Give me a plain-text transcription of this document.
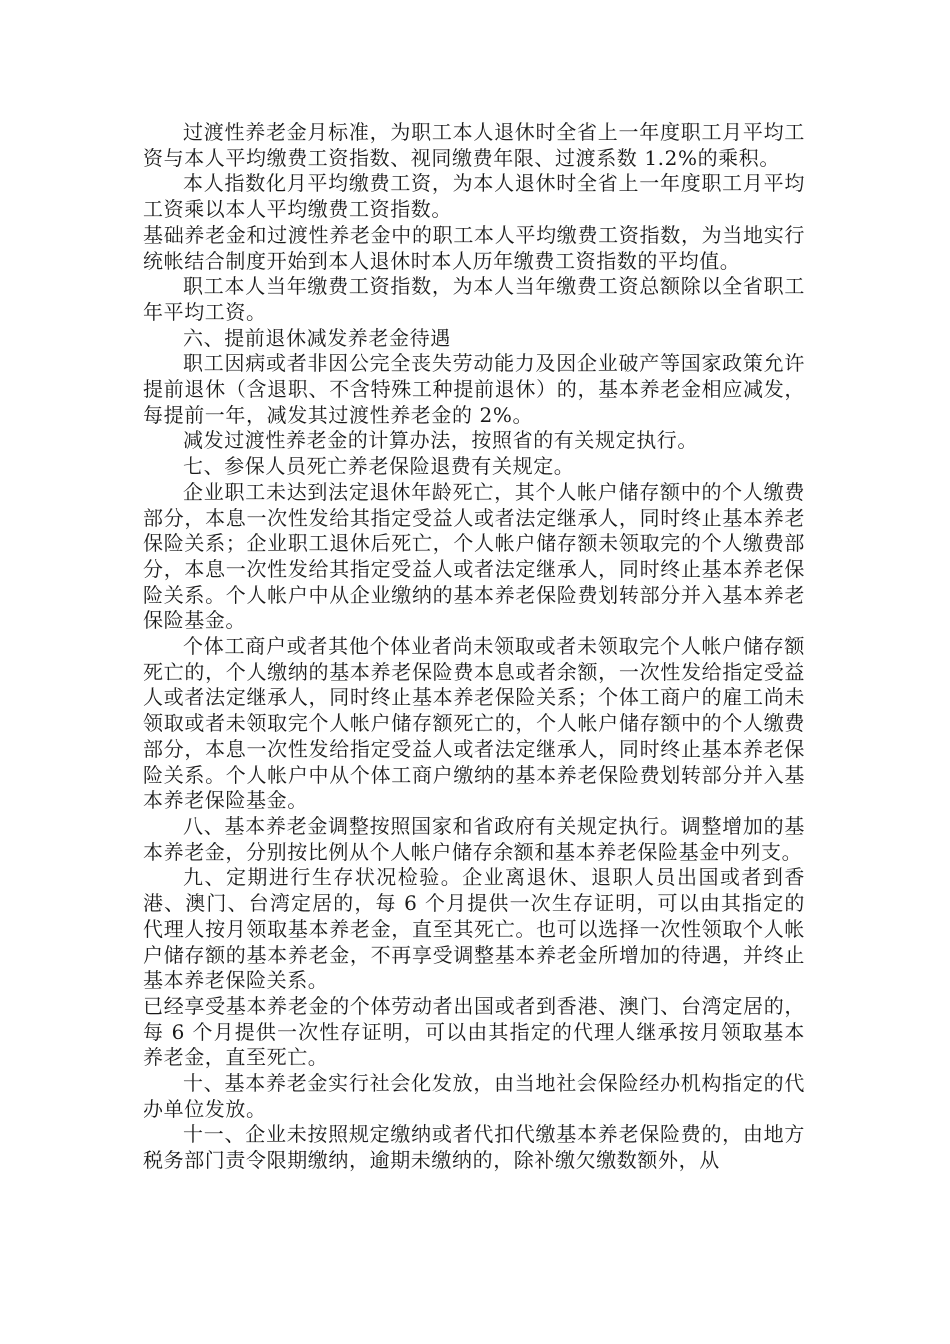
过渡性养老金月标准，为职工本人退休时全省上一年度职工月平均工资与本人平均缴费工资指数、视同缴费年限、过渡系数 1.2%的乘积。

本人指数化月平均缴费工资，为本人退休时全省上一年度职工月平均工资乘以本人平均缴费工资指数。

基础养老金和过渡性养老金中的职工本人平均缴费工资指数，为当地实行统帐结合制度开始到本人退休时本人历年缴费工资指数的平均值。

职工本人当年缴费工资指数，为本人当年缴费工资总额除以全省职工年平均工资。

六、提前退休减发养老金待遇

职工因病或者非因公完全丧失劳动能力及因企业破产等国家政策允许提前退休（含退职、不含特殊工种提前退休）的，基本养老金相应减发，每提前一年，减发其过渡性养老金的 2%。

减发过渡性养老金的计算办法，按照省的有关规定执行。

七、参保人员死亡养老保险退费有关规定。

企业职工未达到法定退休年龄死亡，其个人帐户储存额中的个人缴费部分，本息一次性发给其指定受益人或者法定继承人，同时终止基本养老保险关系；企业职工退休后死亡，个人帐户储存额未领取完的个人缴费部分，本息一次性发给其指定受益人或者法定继承人，同时终止基本养老保险关系。个人帐户中从企业缴纳的基本养老保险费划转部分并入基本养老保险基金。

个体工商户或者其他个体业者尚未领取或者未领取完个人帐户储存额死亡的，个人缴纳的基本养老保险费本息或者余额，一次性发给指定受益人或者法定继承人，同时终止基本养老保险关系；个体工商户的雇工尚未领取或者未领取完个人帐户储存额死亡的，个人帐户储存额中的个人缴费部分，本息一次性发给指定受益人或者法定继承人，同时终止基本养老保险关系。个人帐户中从个体工商户缴纳的基本养老保险费划转部分并入基本养老保险基金。

八、基本养老金调整按照国家和省政府有关规定执行。调整增加的基本养老金，分别按比例从个人帐户储存余额和基本养老保险基金中列支。

九、定期进行生存状况检验。企业离退休、退职人员出国或者到香港、澳门、台湾定居的，每 6 个月提供一次生存证明，可以由其指定的代理人按月领取基本养老金，直至其死亡。也可以选择一次性领取个人帐户储存额的基本养老金，不再享受调整基本养老金所增加的待遇，并终止基本养老保险关系。

已经享受基本养老金的个体劳动者出国或者到香港、澳门、台湾定居的，每 6 个月提供一次性存证明，可以由其指定的代理人继承按月领取基本养老金，直至死亡。

十、基本养老金实行社会化发放，由当地社会保险经办机构指定的代办单位发放。

十一、企业未按照规定缴纳或者代扣代缴基本养老保险费的，由地方税务部门责令限期缴纳，逾期未缴纳的，除补缴欠缴数额外，从
